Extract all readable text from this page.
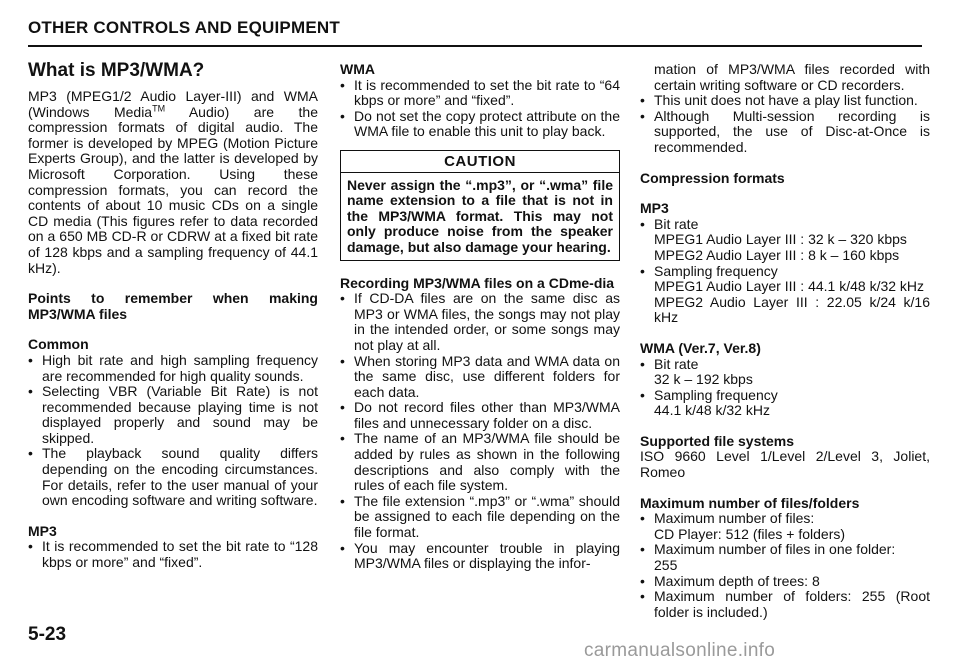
OTHER CONTROLS AND EQUIPMENT
What is MP3/WMA?

MP3 (MPEG1/2 Audio Layer-III) and WMA (Windows Media™ Audio) are the compression formats of digital audio. The former is developed by MPEG (Motion Picture Experts Group), and the latter is developed by Microsoft Corporation. Using these compression formats, you can record the contents of about 10 music CDs on a single CD media (This figures refer to data recorded on a 650 MB CD-R or CDRW at a fixed bit rate of 128 kbps and a sampling frequency of 44.1 kHz).

Points to remember when making MP3/WMA files

Common

• High bit rate and high sampling frequency are recommended for high quality sounds.
• Selecting VBR (Variable Bit Rate) is not recommended because playing time is not displayed properly and sound may be skipped.
• The playback sound quality differs depending on the encoding circumstances. For details, refer to the user manual of your own encoding software and writing software.

MP3

• It is recommended to set the bit rate to “128 kbps or more” and “fixed”.

WMA

• It is recommended to set the bit rate to “64 kbps or more” and “fixed”.
• Do not set the copy protect attribute on the WMA file to enable this unit to play back.
CAUTION
Never assign the “.mp3”, or “.wma” file name extension to a file that is not in the MP3/WMA format. This may not only produce noise from the speaker damage, but also damage your hearing.

Recording MP3/WMA files on a CDme-dia

• If CD-DA files are on the same disc as MP3 or WMA files, the songs may not play in the intended order, or some songs may not play at all.
• When storing MP3 data and WMA data on the same disc, use different folders for each data.
• Do not record files other than MP3/WMA files and unnecessary folder on a disc.
• The name of an MP3/WMA file should be added by rules as shown in the following descriptions and also comply with the rules of each file system.
• The file extension “.mp3” or “.wma” should be assigned to each file depending on the file format.
• You may encounter trouble in playing MP3/WMA files or displaying the infor-

mation of MP3/WMA files recorded with certain writing software or CD recorders.

• This unit does not have a play list function.
• Although Multi-session recording is supported, the use of Disc-at-Once is recommended.

Compression formats

MP3

• Bit rate
MPEG1 Audio Layer III : 32 k – 320 kbps
MPEG2 Audio Layer III : 8 k – 160 kbps
• Sampling frequency
MPEG1 Audio Layer III : 44.1 k/48 k/32 kHz
MPEG2 Audio Layer III : 22.05 k/24 k/16 kHz

WMA (Ver.7, Ver.8)

• Bit rate
32 k – 192 kbps
• Sampling frequency
44.1 k/48 k/32 kHz

Supported file systems

ISO 9660 Level 1/Level 2/Level 3, Joliet, Romeo

Maximum number of files/folders

• Maximum number of files:
CD Player: 512 (files + folders)
• Maximum number of files in one folder:
255
• Maximum depth of trees: 8
• Maximum number of folders: 255 (Root folder is included.)
5-23
carmanualsonline.info
